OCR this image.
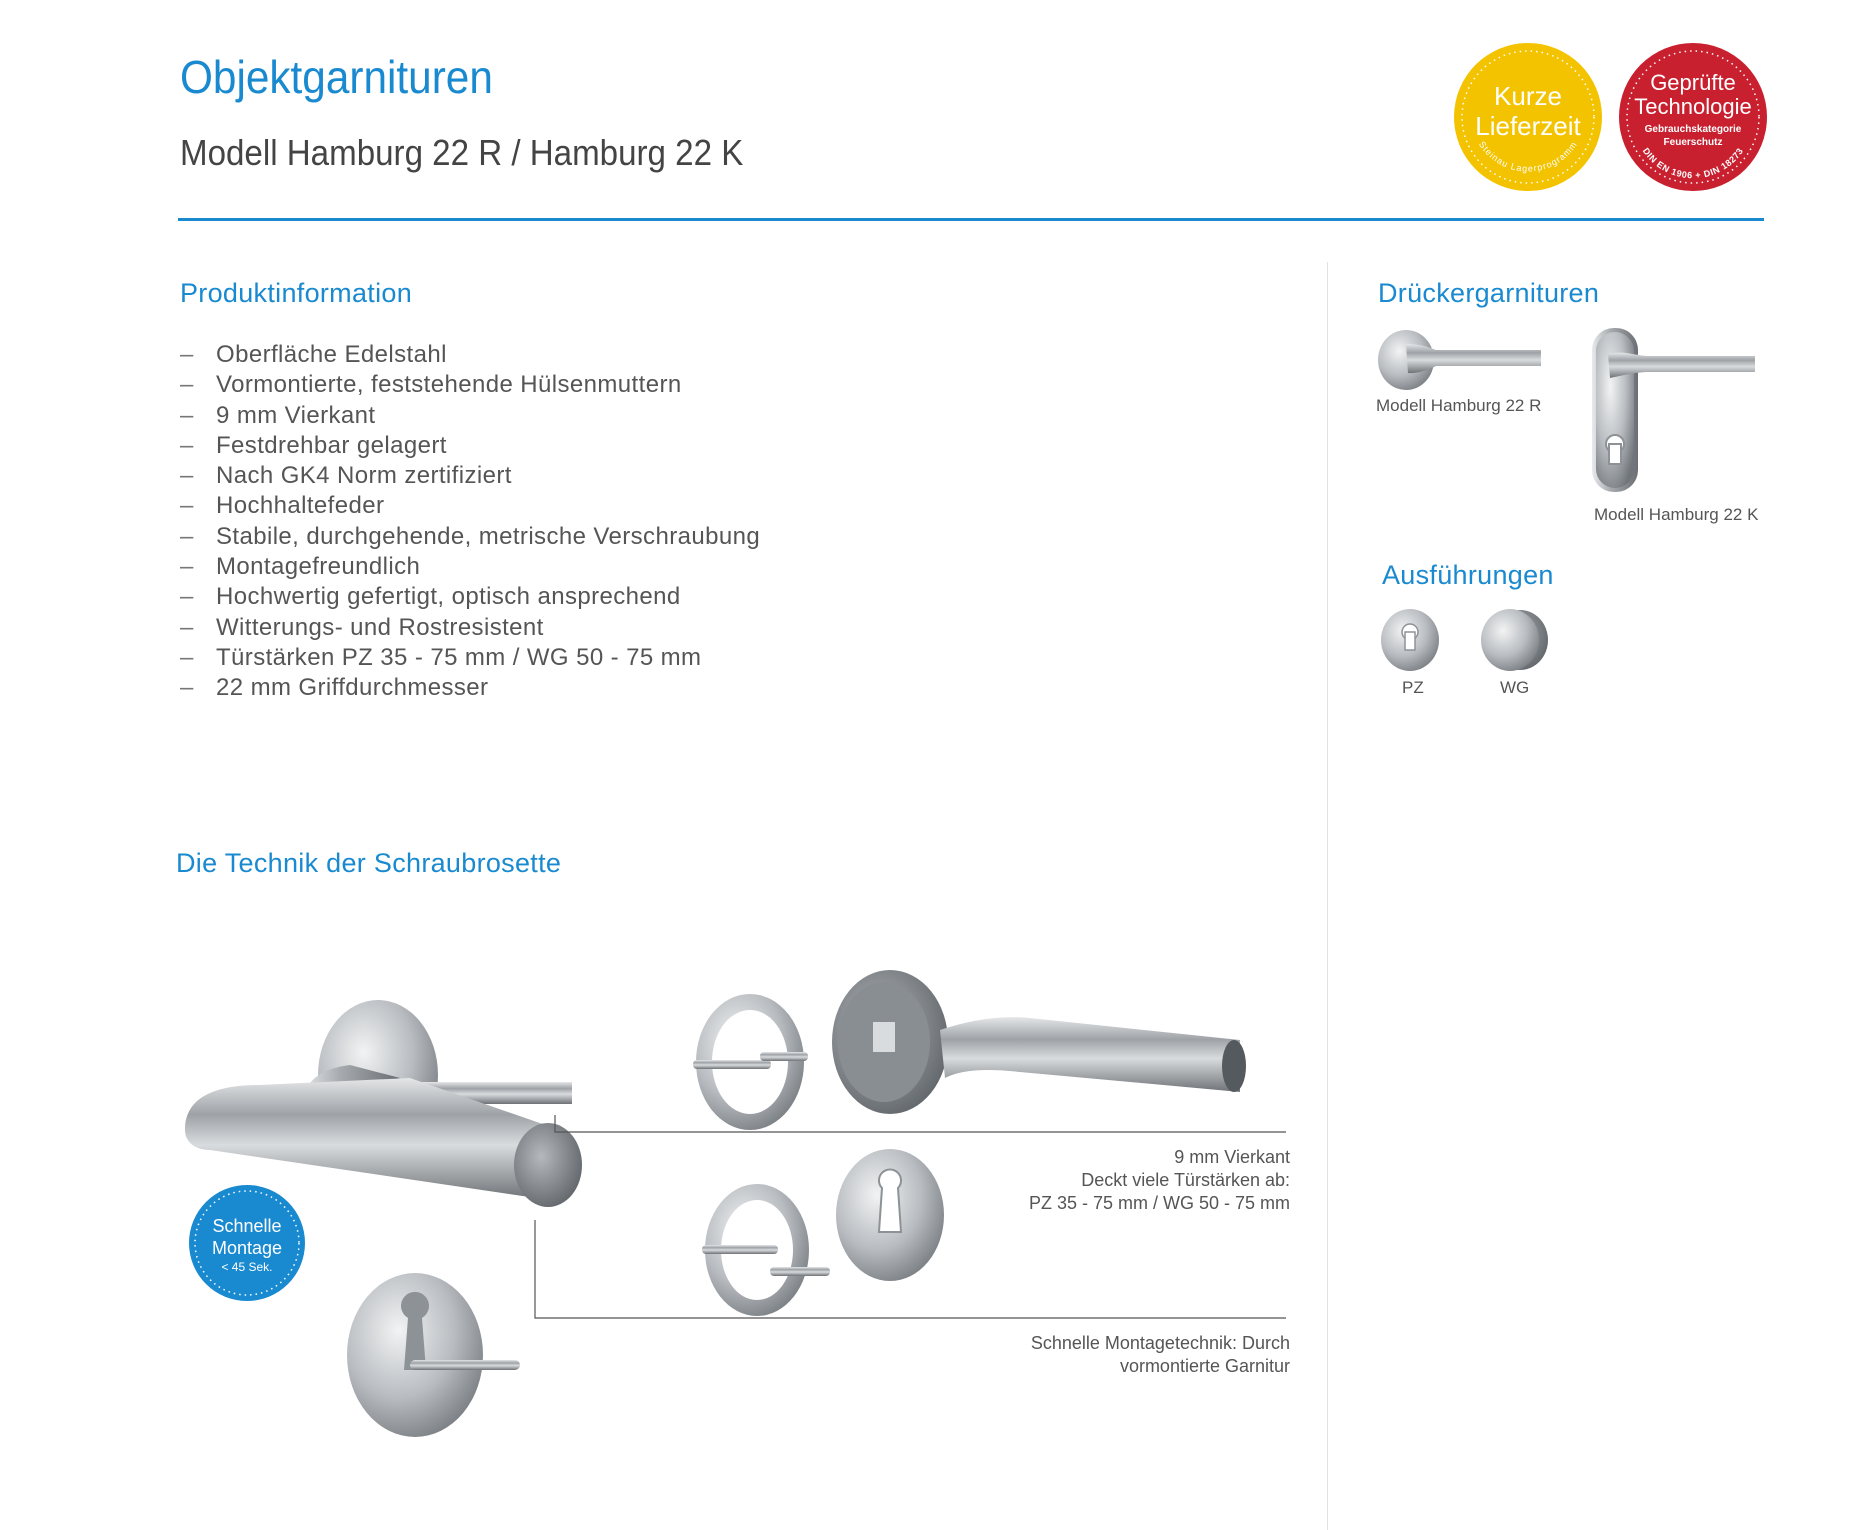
Objektgarnituren
Modell Hamburg 22 R / Hamburg 22 K	Steinau Lagerprogramm
Kurze
Lieferzeit
DIN EN 1906 + DIN 18273
Geprüfte
Technologie
Gebrauchskategorie
Feuerschutz
Produktinformation
– Oberfläche Edelstahl
– Vormontierte, feststehende Hülsenmuttern
– 9 mm Vierkant
– Festdrehbar gelagert
– Nach GK4 Norm zertifiziert
– Hochhaltefeder
– Stabile, durchgehende, metrische Verschraubung
– Montagefreundlich
– Hochwertig gefertigt, optisch ansprechend
– Witterungs- und Rostresistent
– Türstärken PZ 35 - 75 mm / WG 50 - 75 mm
– 22 mm Griffdurchmesser
Die Technik der Schraubrosette
Schnelle
Montage
< 45 Sek.
9 mm Vierkant
Deckt viele Türstärken ab:
PZ 35 - 75 mm / WG 50 - 75 mm
Schnelle Montagetechnik: Durch
vormontierte Garnitur
Drückergarnituren
Modell Hamburg 22 R
Modell Hamburg 22 K
Ausführungen
PZ	WG
